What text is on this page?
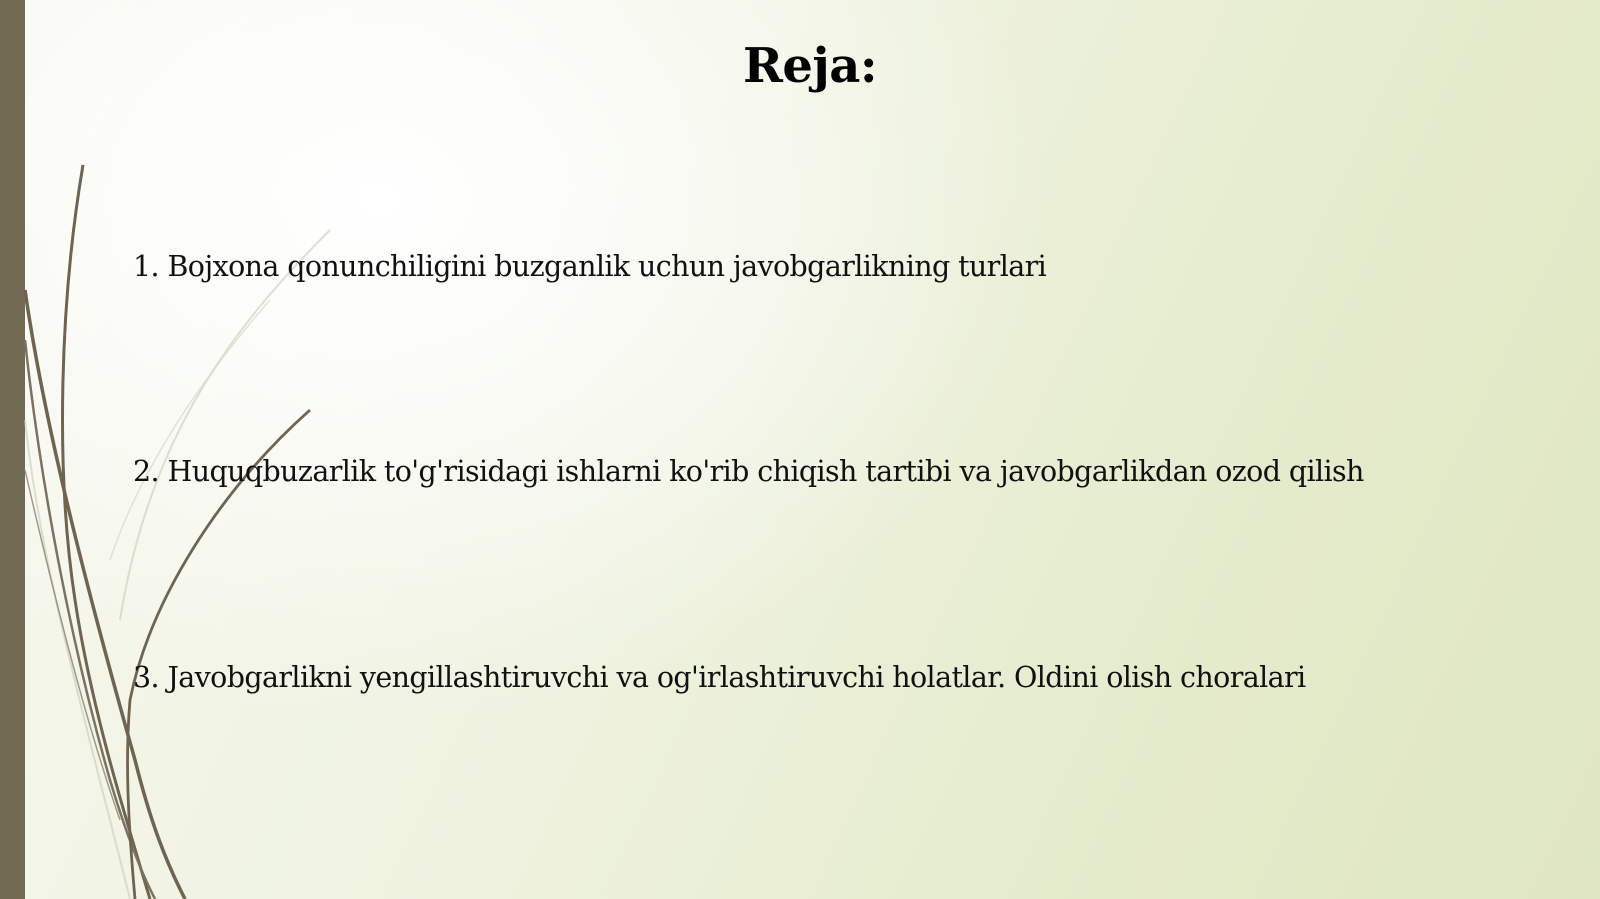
Reja:
1. Bojxona qonunchiligini buzganlik uchun javobgarlikning turlari
2. Huquqbuzarlik to'g'risidagi ishlarni ko'rib chiqish tartibi va javobgarlikdan ozod qilish
3. Javobgarlikni yengillashtiruvchi va og'irlashtiruvchi holatlar. Oldini olish choralari
